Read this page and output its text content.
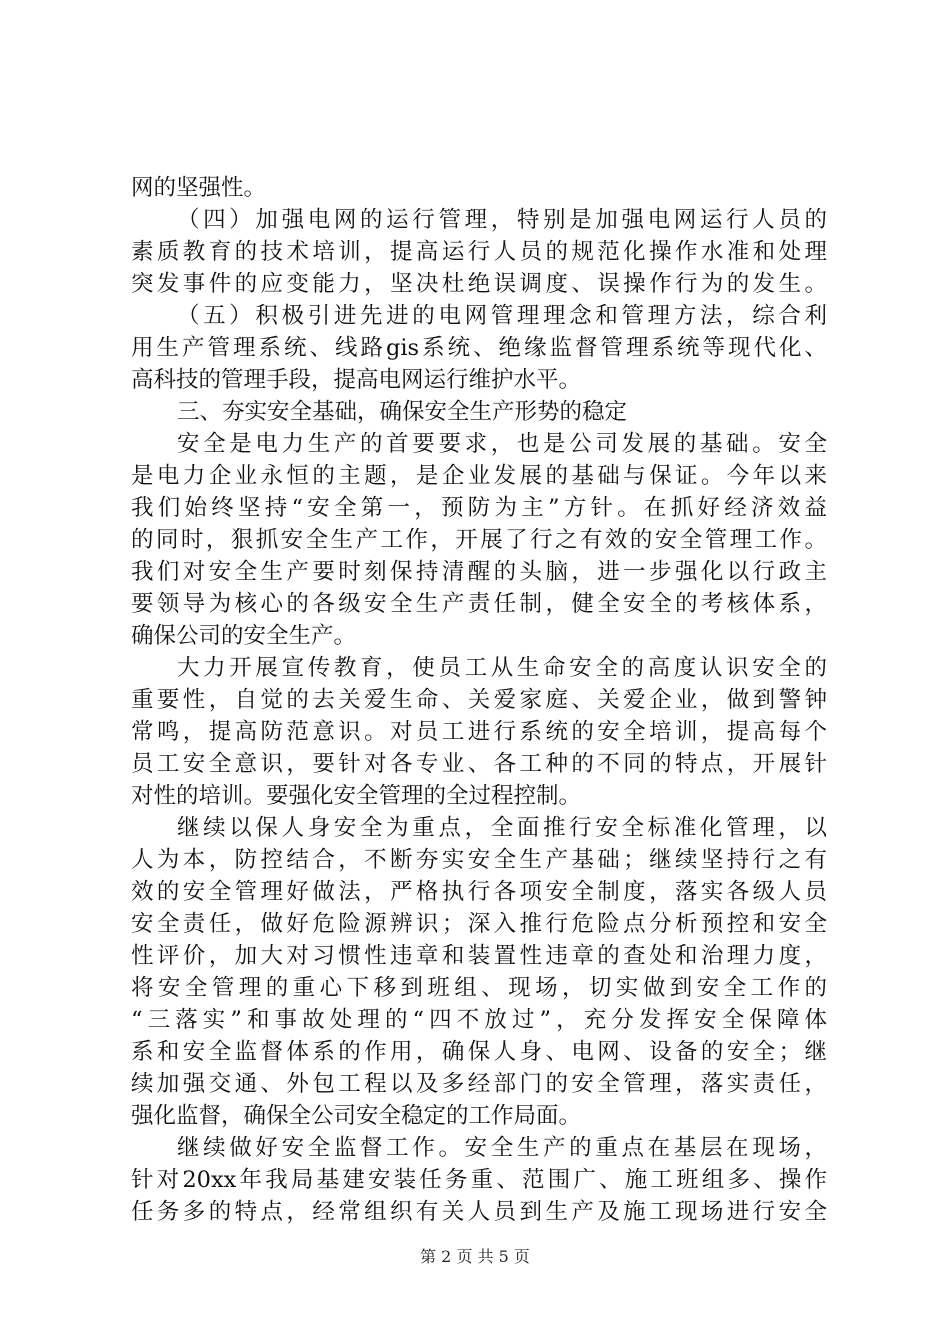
网的坚强性。
（四）加强电网的运行管理，特别是加强电网运行人员的
素质教育的技术培训，提高运行人员的规范化操作水准和处理
突发事件的应变能力，坚决杜绝误调度、误操作行为的发生。
（五）积极引进先进的电网管理理念和管理方法，综合利
用生产管理系统、线路gis系统、绝缘监督管理系统等现代化、
高科技的管理手段，提高电网运行维护水平。
三、夯实安全基础，确保安全生产形势的稳定
安全是电力生产的首要要求，也是公司发展的基础。安全
是电力企业永恒的主题，是企业发展的基础与保证。今年以来
我们始终坚持“安全第一，预防为主”方针。在抓好经济效益
的同时，狠抓安全生产工作，开展了行之有效的安全管理工作。
我们对安全生产要时刻保持清醒的头脑，进一步强化以行政主
要领导为核心的各级安全生产责任制，健全安全的考核体系，
确保公司的安全生产。
大力开展宣传教育，使员工从生命安全的高度认识安全的
重要性，自觉的去关爱生命、关爱家庭、关爱企业，做到警钟
常鸣，提高防范意识。对员工进行系统的安全培训，提高每个
员工安全意识，要针对各专业、各工种的不同的特点，开展针
对性的培训。要强化安全管理的全过程控制。
继续以保人身安全为重点，全面推行安全标准化管理，以
人为本，防控结合，不断夯实安全生产基础；继续坚持行之有
效的安全管理好做法，严格执行各项安全制度，落实各级人员
安全责任，做好危险源辨识；深入推行危险点分析预控和安全
性评价，加大对习惯性违章和装置性违章的查处和治理力度，
将安全管理的重心下移到班组、现场，切实做到安全工作的
“三落实”和事故处理的“四不放过”，充分发挥安全保障体
系和安全监督体系的作用，确保人身、电网、设备的安全；继
续加强交通、外包工程以及多经部门的安全管理，落实责任，
强化监督，确保全公司安全稳定的工作局面。
继续做好安全监督工作。安全生产的重点在基层在现场，
针对20xx年我局基建安装任务重、范围广、施工班组多、操作
任务多的特点，经常组织有关人员到生产及施工现场进行安全
第 2 页 共 5 页
